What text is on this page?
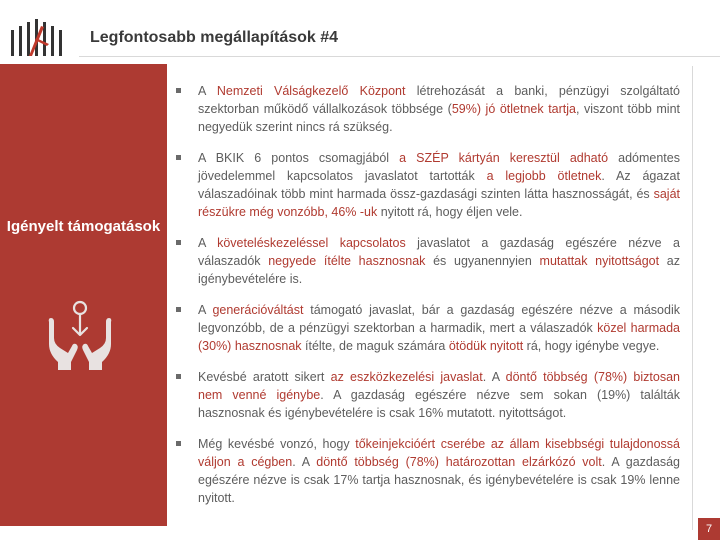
Legfontosabb megállapítások #4
Igényelt támogatások
A Nemzeti Válságkezelő Központ létrehozását a banki, pénzügyi szolgáltató szektorban működő vállalkozások többsége (59%) jó ötletnek tartja, viszont több mint negyedük szerint nincs rá szükség.
A BKIK 6 pontos csomagjából a SZÉP kártyán keresztül adható adómentes jövedelemmel kapcsolatos javaslatot tartották a legjobb ötletnek. Az ágazat válaszadóinak több mint harmada össz-gazdasági szinten látta hasznosságát, és saját részükre még vonzóbb, 46% -uk nyitott rá, hogy éljen vele.
A követeléskezeléssel kapcsolatos javaslatot a gazdaság egészére nézve a válaszadók negyede ítélte hasznosnak és ugyanennyien mutattak nyitottságot az igénybevételére is.
A generációváltást támogató javaslat, bár a gazdaság egészére nézve a második legvonzóbb, de a pénzügyi szektorban a harmadik, mert a válaszadók közel harmada (30%) hasznosnak ítélte, de maguk számára ötödük nyitott rá, hogy igénybe vegye.
Kevésbé aratott sikert az eszközkezelési javaslat. A döntő többség (78%) biztosan nem venné igénybe. A gazdaság egészére nézve sem sokan (19%) találták hasznosnak és igénybevételére is csak 16% mutatott. nyitottságot.
Még kevésbé vonzó, hogy tőkeinjekcióért cserébe az állam kisebbségi tulajdonossá váljon a cégben. A döntő többség (78%) határozottan elzárkózó volt. A gazdaság egészére nézve is csak 17% tartja hasznosnak, és igénybevételére is csak 19% lenne nyitott.
7
